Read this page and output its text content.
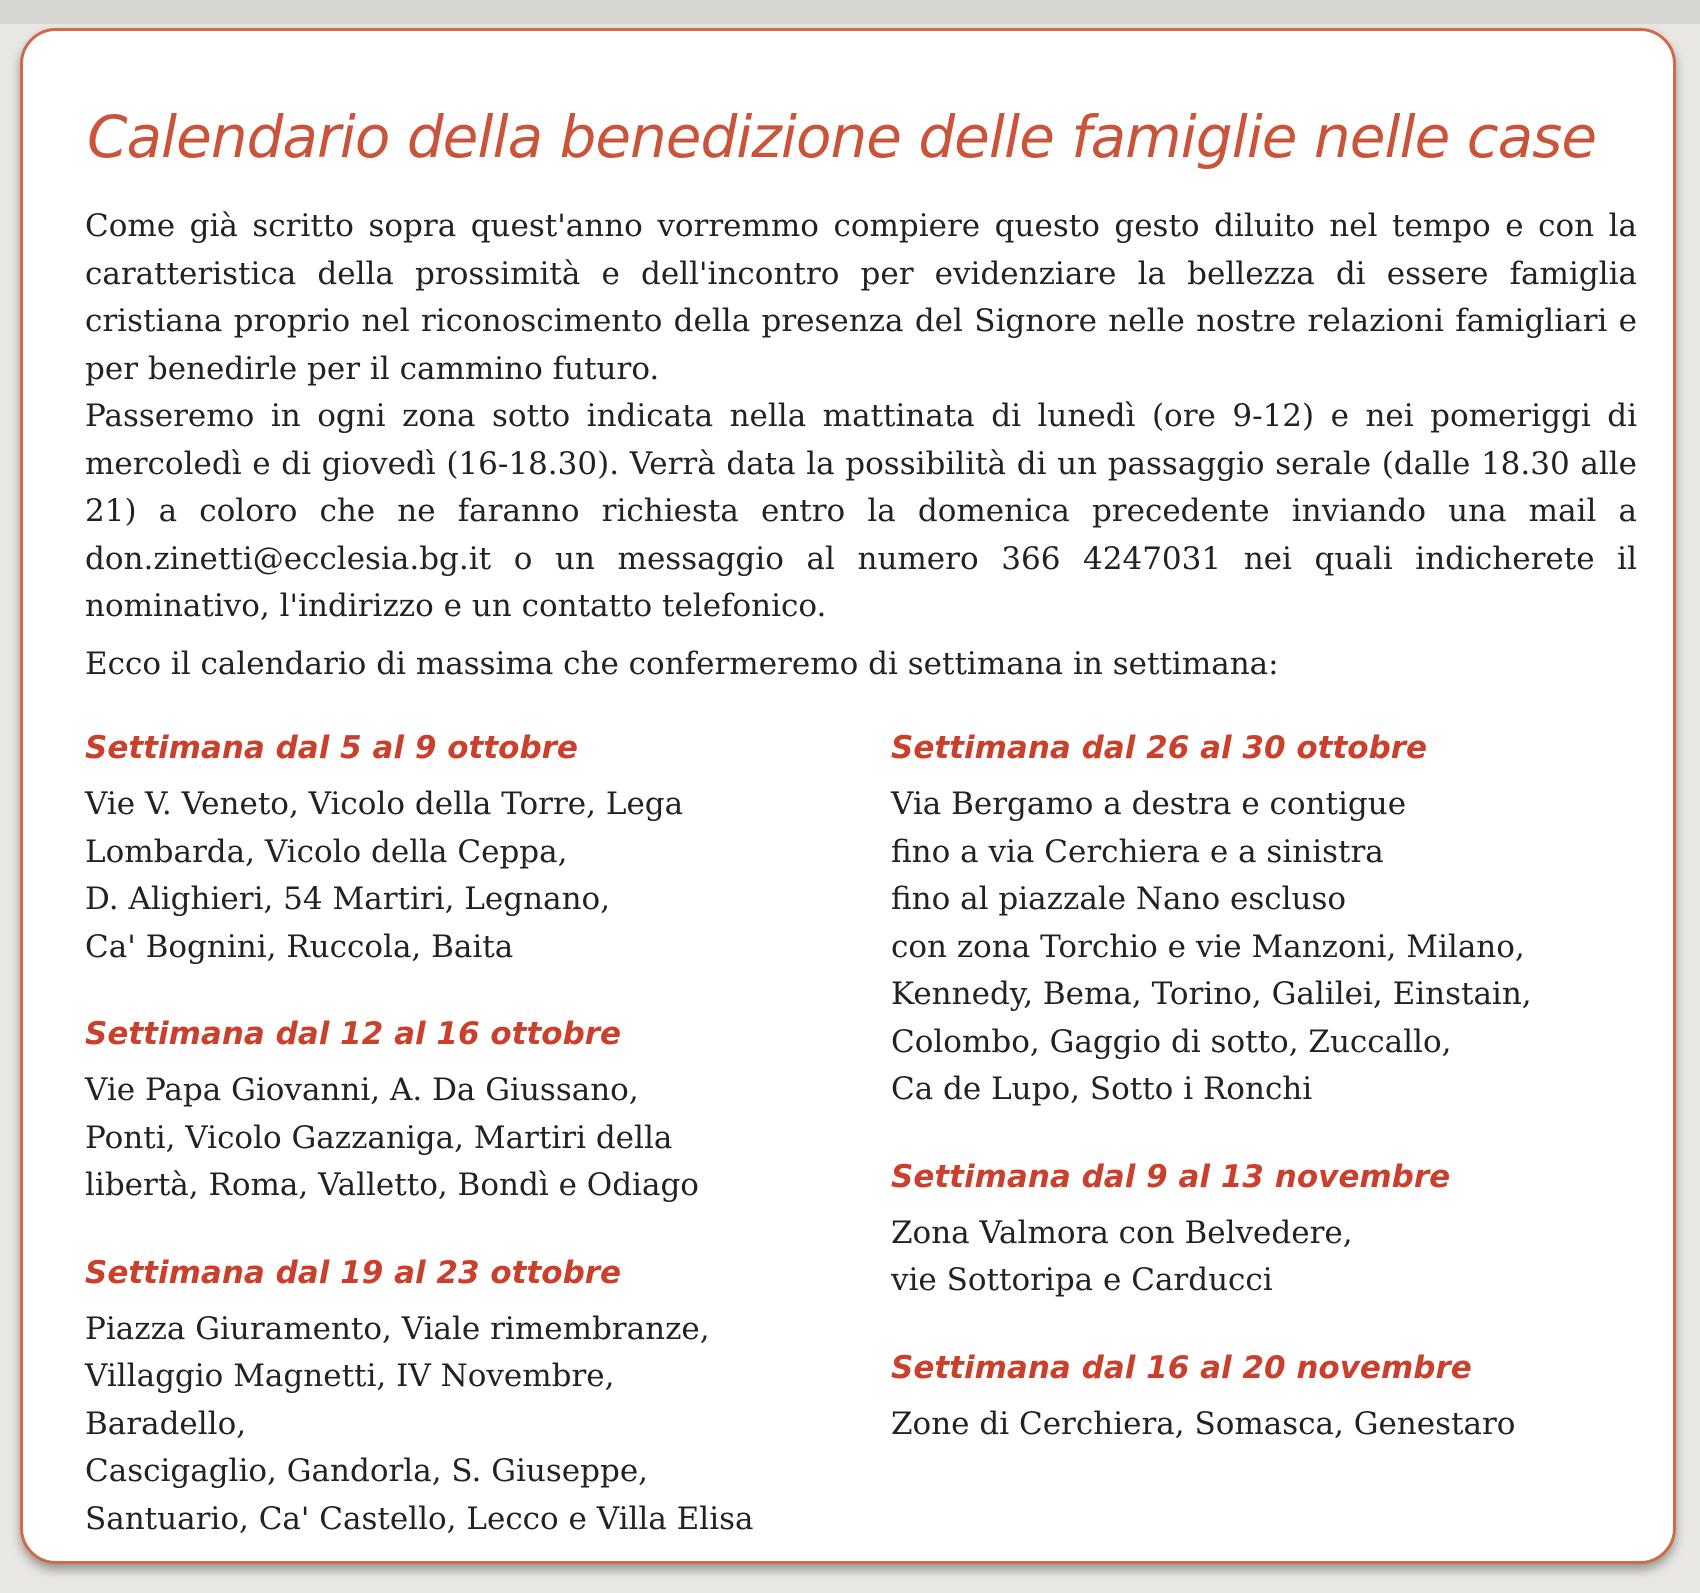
Calendario della benedizione delle famiglie nelle case

Come già scritto sopra quest'anno vorremmo compiere questo gesto diluito nel tempo e con la caratteristica della prossimità e dell'incontro per evidenziare la bellezza di essere famiglia cristiana proprio nel riconoscimento della presenza del Signore nelle nostre relazioni famigliari e per benedirle per il cammino futuro.

Passeremo in ogni zona sotto indicata nella mattinata di lunedì (ore 9-12) e nei pomeriggi di mercoledì e di giovedì (16-18.30). Verrà data la possibilità di un passaggio serale (dalle 18.30 alle 21) a coloro che ne faranno richiesta entro la domenica precedente inviando una mail a don.zinetti@ecclesia.bg.it o un messaggio al numero 366 4247031 nei quali indicherete il nominativo, l'indirizzo e un contatto telefonico.

Ecco il calendario di massima che confermeremo di settimana in settimana:

Settimana dal 5 al 9 ottobre

Vie V. Veneto, Vicolo della Torre, Lega
Lombarda, Vicolo della Ceppa,
D. Alighieri, 54 Martiri, Legnano,
Ca' Bognini, Ruccola, Baita

Settimana dal 12 al 16 ottobre

Vie Papa Giovanni, A. Da Giussano,
Ponti, Vicolo Gazzaniga, Martiri della
libertà, Roma, Valletto, Bondì e Odiago

Settimana dal 19 al 23 ottobre

Piazza Giuramento, Viale rimembranze,
Villaggio Magnetti, IV Novembre, Baradello,
Cascigaglio, Gandorla, S. Giuseppe,
Santuario, Ca' Castello, Lecco e Villa Elisa

Settimana dal 26 al 30 ottobre

Via Bergamo a destra e contigue
fino a via Cerchiera e a sinistra
fino al piazzale Nano escluso
con zona Torchio e vie Manzoni, Milano,
Kennedy, Bema, Torino, Galilei, Einstain,
Colombo, Gaggio di sotto, Zuccallo,
Ca de Lupo, Sotto i Ronchi

Settimana dal 9 al 13 novembre

Zona Valmora con Belvedere,
vie Sottoripa e Carducci

Settimana dal 16 al 20 novembre

Zone di Cerchiera, Somasca, Genestaro
